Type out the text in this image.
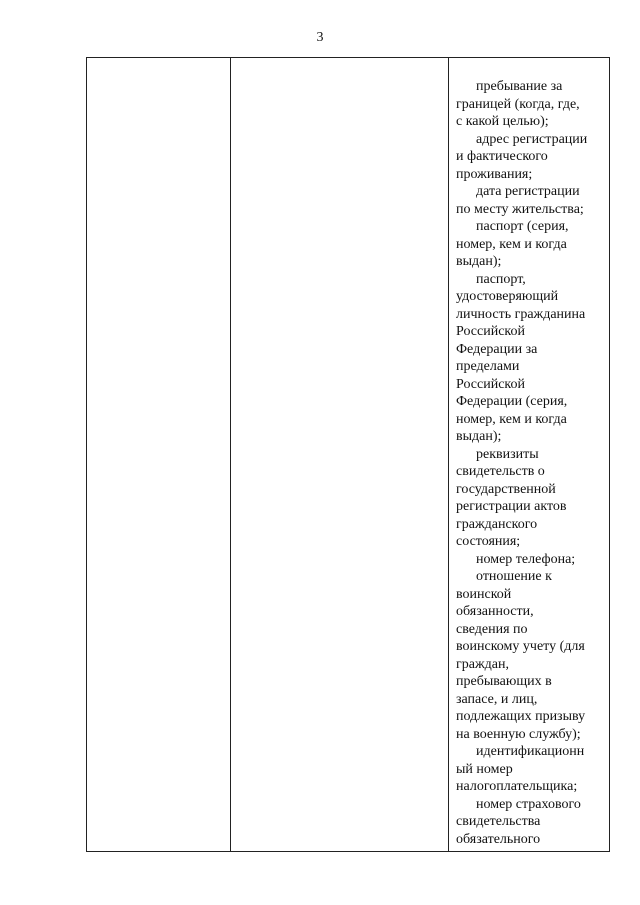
3

пребывание за
границей (когда, где,
с какой целью);

адрес регистрации
и фактического
проживания;

дата регистрации
по месту жительства;

паспорт (серия,
номер, кем и когда
выдан);

паспорт,
удостоверяющий
личность гражданина
Российской
Федерации за
пределами
Российской
Федерации (серия,
номер, кем и когда
выдан);

реквизиты
свидетельств о
государственной
регистрации актов
гражданского
состояния;

номер телефона;

отношение к
воинской
обязанности,
сведения по
воинскому учету (для
граждан,
пребывающих в
запасе, и лиц,
подлежащих призыву
на военную службу);

идентификационн
ый номер
налогоплательщика;

номер страхового
свидетельства
обязательного
